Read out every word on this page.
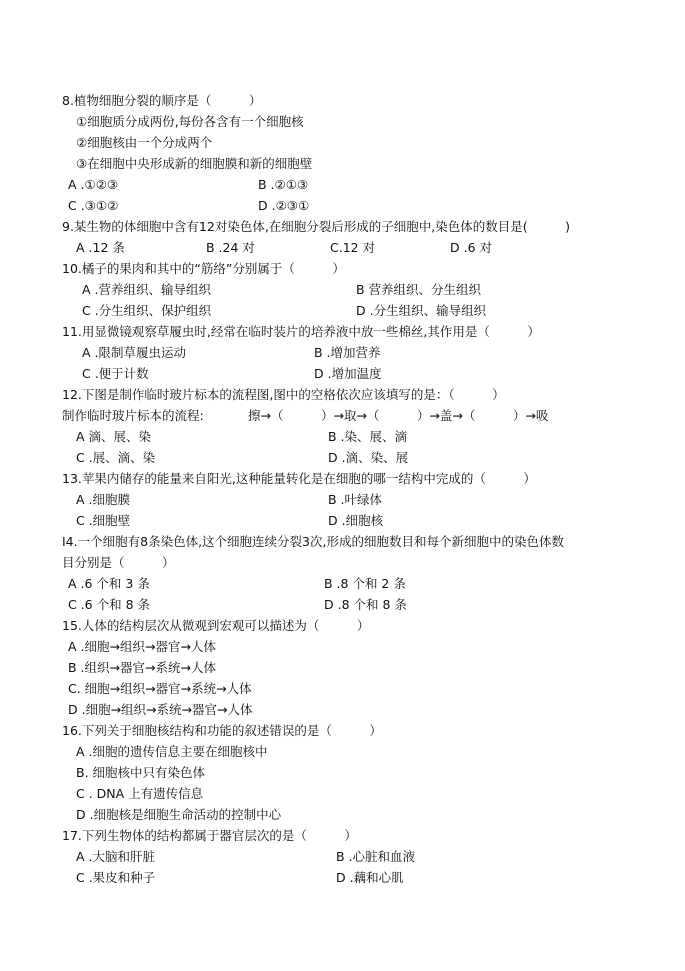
8.植物细胞分裂的顺序是（　　　）
①细胞质分成两份,每份各含有一个细胞核
②细胞核由一个分成两个
③在细胞中央形成新的细胞膜和新的细胞壁
A .①②③	B .②①③
C .③①②	D .②③①
9.某生物的体细胞中含有12对染色体,在细胞分裂后形成的子细胞中,染色体的数目是(　　　)
A .12 条	B .24 对	C.12 对	D .6 对
10.橘子的果肉和其中的“筋络”分别属于（　　　）
A .营养组织、输导组织	B 营养组织、分生组织
C .分生组织、保护组织	D .分生组织、输导组织
11.用显微镜观察草履虫时,经常在临时装片的培养液中放一些棉丝,其作用是（　　　）
A .限制草履虫运动	B .增加营养
C .便于计数	D .增加温度
12.下图是制作临时玻片标本的流程图,图中的空格依次应该填写的是：（　　　）
制作临时玻片标本的流程:	擦→（　　　）→取→（　　　）→盖→（　　　）→吸
A 滴、展、染	B .染、展、滴
C .展、滴、染	D .滴、染、展
13.苹果内储存的能量来自阳光,这种能量转化是在细胞的哪一结构中完成的（　　　）
A .细胞膜	B .叶绿体
C .细胞壁	D .细胞核
I4.一个细胞有8条染色体,这个细胞连续分裂3次,形成的细胞数目和每个新细胞中的染色体数
目分别是（　　　）
A .6 个和 3 条	B .8 个和 2 条
C .6 个和 8 条	D .8 个和 8 条
15.人体的结构层次从微观到宏观可以描述为（　　　）
A .细胞→组织→器官→人体
B .组织→器官→系统→人体
C. 细胞→组织→器官→系统→人体
D .细胞→组织→系统→器官→人体
16.下列关于细胞核结构和功能的叙述错误的是（　　　）
A .细胞的遗传信息主要在细胞核中
B. 细胞核中只有染色体
C . DNA 上有遗传信息
D .细胞核是细胞生命活动的控制中心
17.下列生物体的结构都属于器官层次的是（　　　）
A .大脑和肝脏	B .心脏和血液
C .果皮和种子	D .藕和心肌
